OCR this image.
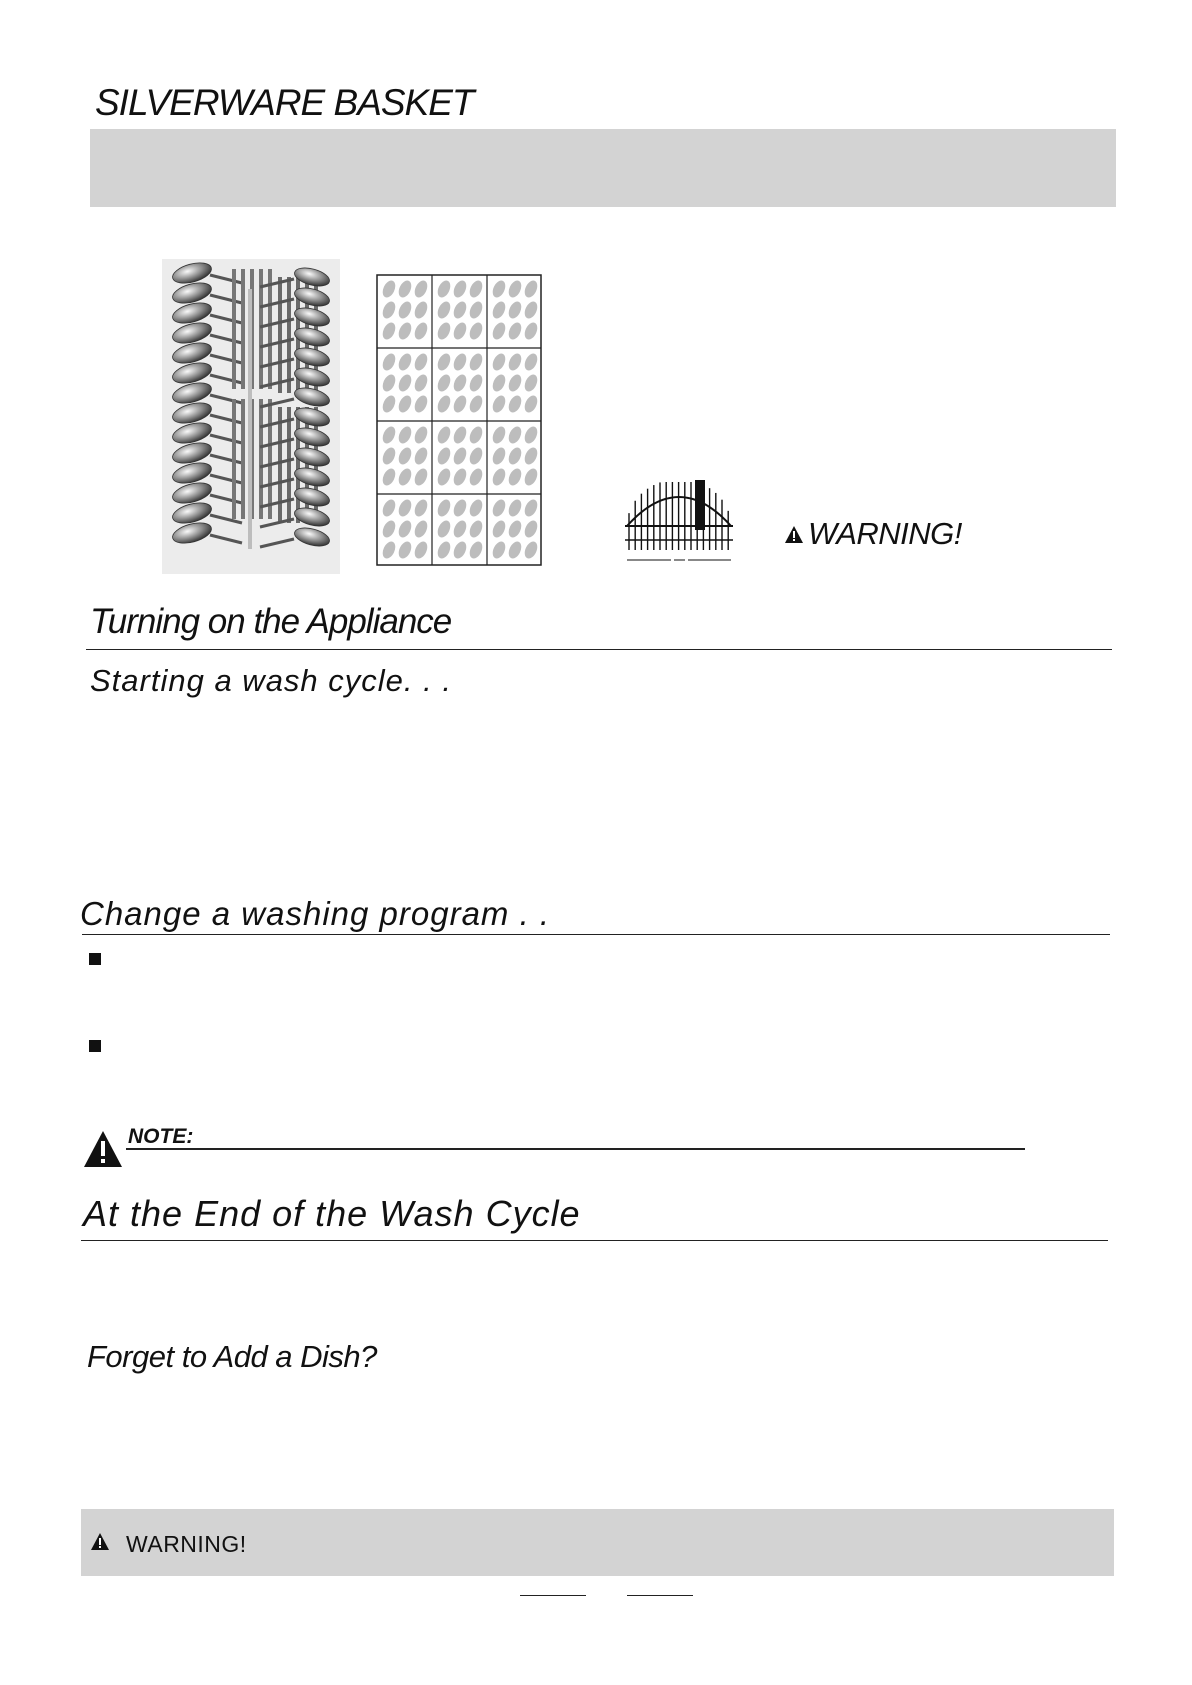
SILVERWARE BASKET
WARNING!
Turning on the Appliance
Starting a wash cycle. . .
Change a washing program . .
NOTE:
At the End of the Wash Cycle
Forget to Add a Dish?
WARNING!
